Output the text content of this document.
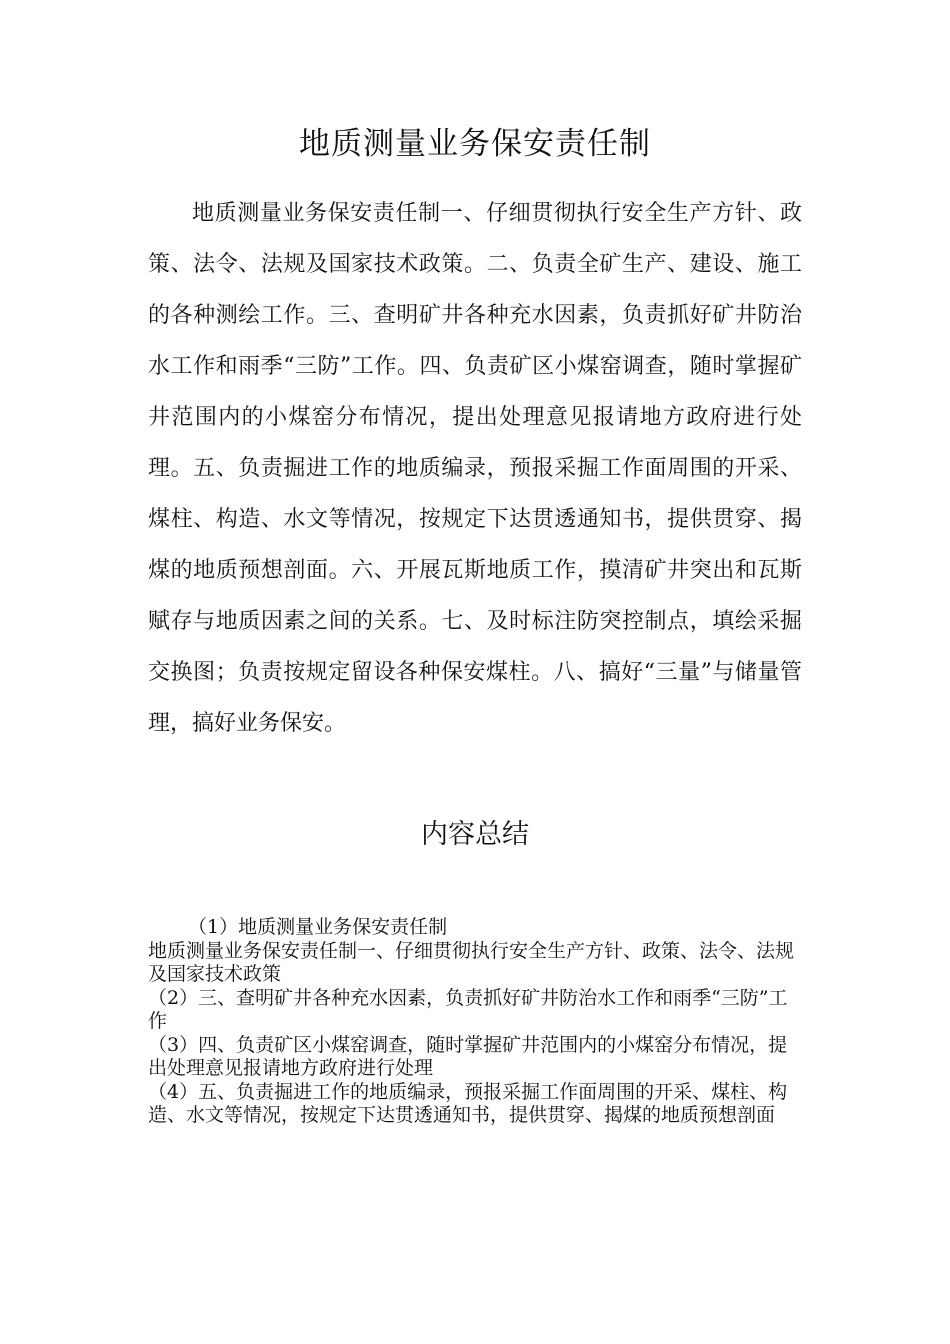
地质测量业务保安责任制

地质测量业务保安责任制一、仔细贯彻执行安全生产方针、政策、法令、法规及国家技术政策。二、负责全矿生产、建设、施工的各种测绘工作。三、查明矿井各种充水因素，负责抓好矿井防治水工作和雨季“三防”工作。四、负责矿区小煤窑调查，随时掌握矿井范围内的小煤窑分布情况，提出处理意见报请地方政府进行处理。五、负责掘进工作的地质编录，预报采掘工作面周围的开采、煤柱、构造、水文等情况，按规定下达贯透通知书，提供贯穿、揭煤的地质预想剖面。六、开展瓦斯地质工作，摸清矿井突出和瓦斯赋存与地质因素之间的关系。七、及时标注防突控制点，填绘采掘交换图；负责按规定留设各种保安煤柱。八、搞好“三量”与储量管理，搞好业务保安。

内容总结
（1）地质测量业务保安责任制
地质测量业务保安责任制一、仔细贯彻执行安全生产方针、政策、法令、法规及国家技术政策
（2）三、查明矿井各种充水因素，负责抓好矿井防治水工作和雨季“三防”工作
（3）四、负责矿区小煤窑调查，随时掌握矿井范围内的小煤窑分布情况，提出处理意见报请地方政府进行处理
（4）五、负责掘进工作的地质编录，预报采掘工作面周围的开采、煤柱、构造、水文等情况，按规定下达贯透通知书，提供贯穿、揭煤的地质预想剖面
